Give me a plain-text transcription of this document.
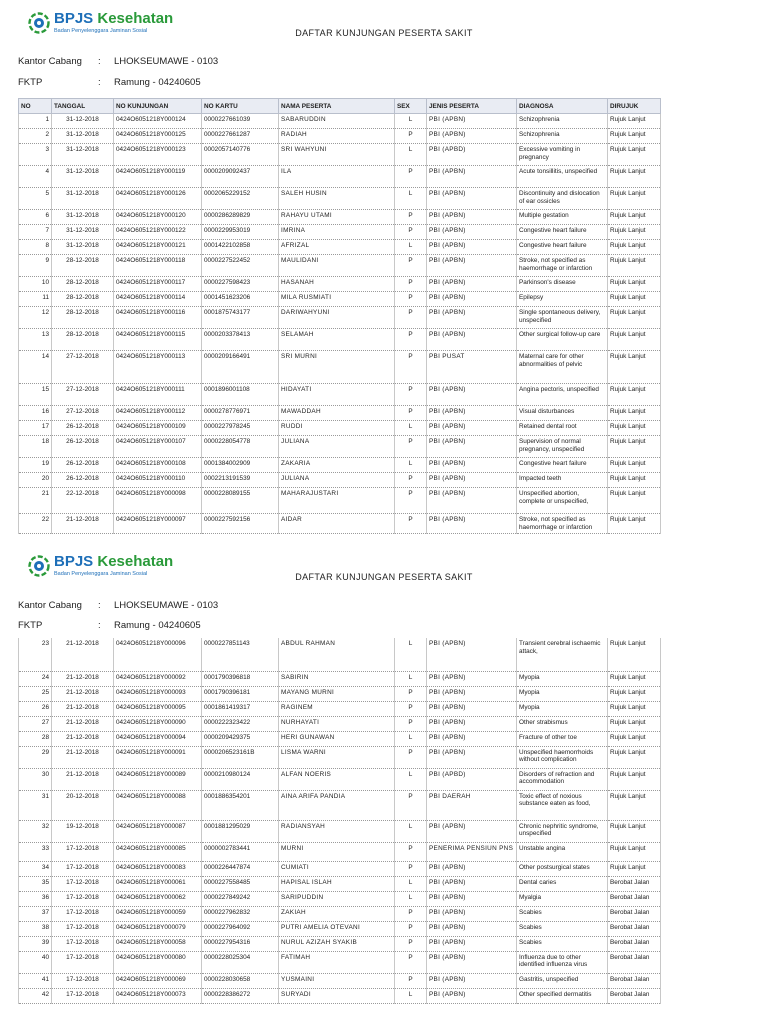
BPJS Kesehatan
Badan Penyelenggara Jaminan Sosial	DAFTAR KUNJUNGAN PESERTA SAKIT
Kantor Cabang : LHOKSEUMAWE - 0103
FKTP	: Ramung - 04240605
NO	TANGGAL	NO KUNJUNGAN	NO KARTU	NAMA PESERTA	SEX	JENIS PESERTA	DIAGNOSA	DIRUJUK
1	31-12-2018	0424O6051218Y000124	0000227661039	SABARUDDIN	L	PBI (APBN)	Schizophrenia	Rujuk Lanjut
2	31-12-2018	0424O6051218Y000125	0000227661287	RADIAH	P	PBI (APBN)	Schizophrenia	Rujuk Lanjut
3	31-12-2018	0424O6051218Y000123	0002057140776	SRI WAHYUNI	L	PBI (APBD)	Excessive vomiting in pregnancy	Rujuk Lanjut
4	31-12-2018	0424O6051218Y000119	0000209092437	ILA	P	PBI (APBN)	Acute tonsillitis, unspecified	Rujuk Lanjut
5	31-12-2018	0424O6051218Y000126	0002065229152	SALEH HUSIN	L	PBI (APBN)	Discontinuity and dislocation of ear ossicles	Rujuk Lanjut
6	31-12-2018	0424O6051218Y000120	0000286289829	RAHAYU UTAMI	P	PBI (APBN)	Multiple gestation	Rujuk Lanjut
7	31-12-2018	0424O6051218Y000122	0000229953019	IMRINA	P	PBI (APBN)	Congestive heart failure	Rujuk Lanjut
8	31-12-2018	0424O6051218Y000121	0001422102858	AFRIZAL	L	PBI (APBN)	Congestive heart failure	Rujuk Lanjut
9	28-12-2018	0424O6051218Y000118	0000227522452	MAULIDANI	P	PBI (APBN)	Stroke, not specified as haemorrhage or infarction	Rujuk Lanjut
10	28-12-2018	0424O6051218Y000117	0000227598423	HASANAH	P	PBI (APBN)	Parkinson's disease	Rujuk Lanjut
11	28-12-2018	0424O6051218Y000114	0001451623206	MILA RUSMIATI	P	PBI (APBN)	Epilepsy	Rujuk Lanjut
12	28-12-2018	0424O6051218Y000116	0001875743177	DARIWAHYUNI	P	PBI (APBN)	Single spontaneous delivery, unspecified	Rujuk Lanjut
13	28-12-2018	0424O6051218Y000115	0000203378413	SELAMAH	P	PBI (APBN)	Other surgical follow-up care	Rujuk Lanjut
14	27-12-2018	0424O6051218Y000113	0000209166491	SRI MURNI	P	PBI PUSAT	Maternal care for other abnormalities of pelvic	Rujuk Lanjut
15	27-12-2018	0424O6051218Y000111	0001896001108	HIDAYATI	P	PBI (APBN)	Angina pectoris, unspecified	Rujuk Lanjut
16	27-12-2018	0424O6051218Y000112	0000278776971	MAWADDAH	P	PBI (APBN)	Visual disturbances	Rujuk Lanjut
17	26-12-2018	0424O6051218Y000109	0000227978245	RUDDI	L	PBI (APBN)	Retained dental root	Rujuk Lanjut
18	26-12-2018	0424O6051218Y000107	0000228054778	JULIANA	P	PBI (APBN)	Supervision of normal pregnancy, unspecified	Rujuk Lanjut
19	26-12-2018	0424O6051218Y000108	0001384002909	ZAKARIA	L	PBI (APBN)	Congestive heart failure	Rujuk Lanjut
20	26-12-2018	0424O6051218Y000110	0002213191539	JULIANA	P	PBI (APBN)	Impacted teeth	Rujuk Lanjut
21	22-12-2018	0424O6051218Y000098	0000228089155	MAHARAJUSTARI	P	PBI (APBN)	Unspecified abortion, complete or unspecified,	Rujuk Lanjut
22	21-12-2018	0424O6051218Y000097	0000227592156	AIDAR	P	PBI (APBN)	Stroke, not specified as haemorrhage or infarction	Rujuk Lanjut
BPJS Kesehatan
Badan Penyelenggara Jaminan Sosial	DAFTAR KUNJUNGAN PESERTA SAKIT
Kantor Cabang : LHOKSEUMAWE - 0103
FKTP	: Ramung - 04240605
23	21-12-2018	0424O6051218Y000096	0000227851143	ABDUL RAHMAN	L	PBI (APBN)	Transient cerebral ischaemic attack,	Rujuk Lanjut
24	21-12-2018	0424O6051218Y000092	0001790396818	SABIRIN	L	PBI (APBN)	Myopia	Rujuk Lanjut
25	21-12-2018	0424O6051218Y000093	0001790396181	MAYANG MURNI	P	PBI (APBN)	Myopia	Rujuk Lanjut
26	21-12-2018	0424O6051218Y000095	0001861419317	RAGINEM	P	PBI (APBN)	Myopia	Rujuk Lanjut
27	21-12-2018	0424O6051218Y000090	0000222323422	NURHAYATI	P	PBI (APBN)	Other strabismus	Rujuk Lanjut
28	21-12-2018	0424O6051218Y000094	0000209429375	HERI GUNAWAN	L	PBI (APBN)	Fracture of other toe	Rujuk Lanjut
29	21-12-2018	0424O6051218Y000091	0000206523161B	LISMA WARNI	P	PBI (APBN)	Unspecified haemorrhoids without complication	Rujuk Lanjut
30	21-12-2018	0424O6051218Y000089	0000210980124	ALFAN NOERIS	L	PBI (APBD)	Disorders of refraction and accommodation	Rujuk Lanjut
31	20-12-2018	0424O6051218Y000088	0001886354201	AINA ARIFA PANDIA	P	PBI DAERAH	Toxic effect of noxious substance eaten as food,	Rujuk Lanjut
32	19-12-2018	0424O6051218Y000087	0001881295029	RADIANSYAH	L	PBI (APBN)	Chronic nephritic syndrome, unspecified	Rujuk Lanjut
33	17-12-2018	0424O6051218Y000085	0000002783441	MURNI	P	PENERIMA PENSIUN PNS	Unstable angina	Rujuk Lanjut
34	17-12-2018	0424O6051218Y000083	0000226447874	CUMIATI	P	PBI (APBN)	Other postsurgical states	Rujuk Lanjut
35	17-12-2018	0424O6051218Y000061	0000227558485	HAPISAL ISLAH	L	PBI (APBN)	Dental caries	Berobat Jalan
36	17-12-2018	0424O6051218Y000062	0000227849242	SARIPUDDIN	L	PBI (APBN)	Myalgia	Berobat Jalan
37	17-12-2018	0424O6051218Y000059	0000227962832	ZAKIAH	P	PBI (APBN)	Scabies	Berobat Jalan
38	17-12-2018	0424O6051218Y000079	0000227964092	PUTRI AMELIA OTEVANI	P	PBI (APBN)	Scabies	Berobat Jalan
39	17-12-2018	0424O6051218Y000058	0000227954316	NURUL AZIZAH SYAKIB	P	PBI (APBN)	Scabies	Berobat Jalan
40	17-12-2018	0424O6051218Y000080	0000228025304	FATIMAH	P	PBI (APBN)	Influenza due to other identified influenza virus	Berobat Jalan
41	17-12-2018	0424O6051218Y000069	0000228030658	YUSMAINI	P	PBI (APBN)	Gastritis, unspecified	Berobat Jalan
42	17-12-2018	0424O6051218Y000073	0000228386272	SURYADI	L	PBI (APBN)	Other specified dermatitis	Berobat Jalan
